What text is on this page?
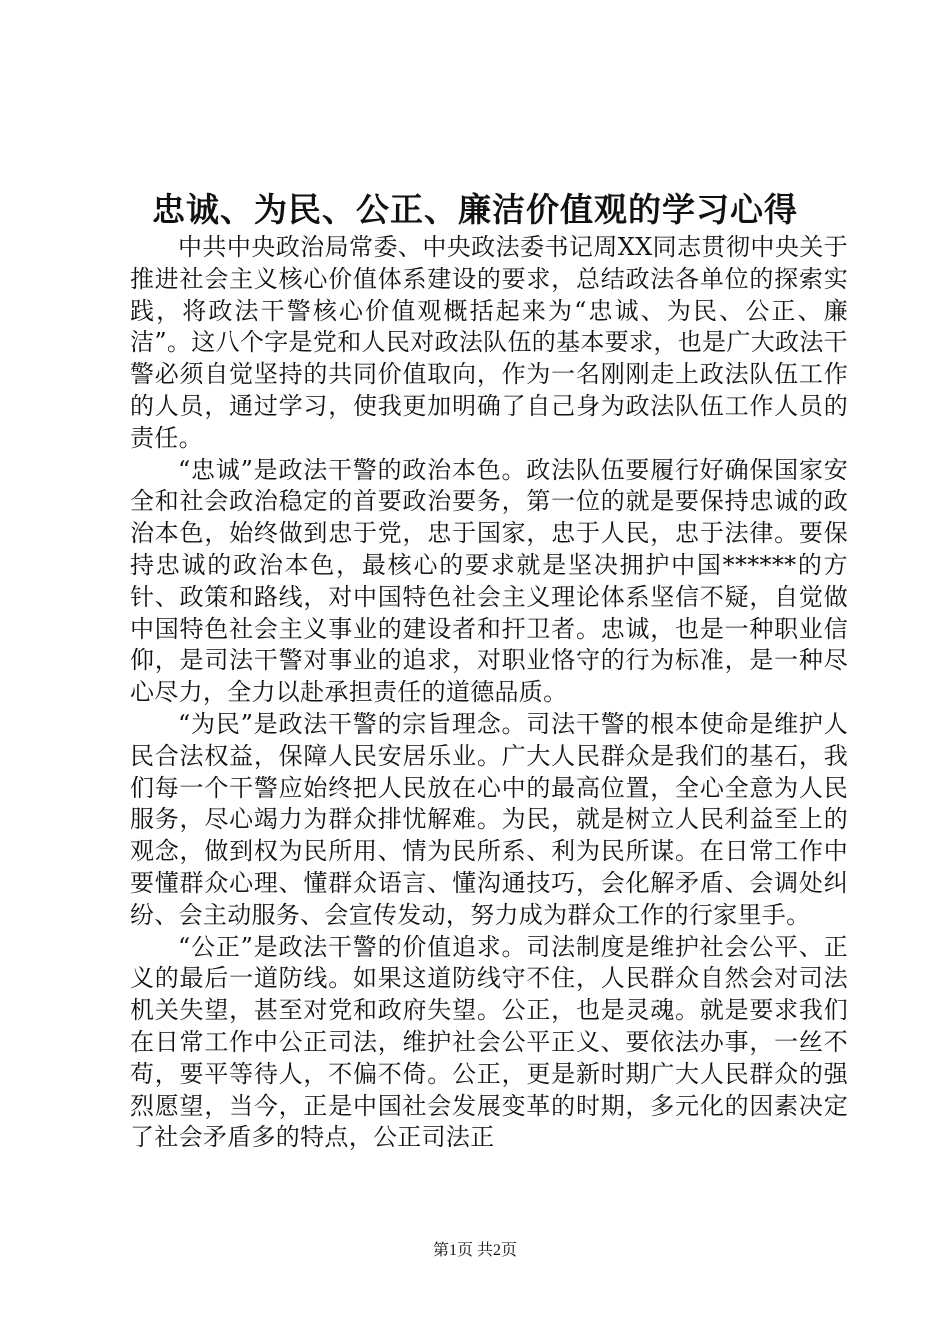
忠诚、为民、公正、廉洁价值观的学习心得

中共中央政治局常委、中央政法委书记周XX同志贯彻中央关于推进社会主义核心价值体系建设的要求，总结政法各单位的探索实践，将政法干警核心价值观概括起来为“忠诚、为民、公正、廉洁”。这八个字是党和人民对政法队伍的基本要求，也是广大政法干警必须自觉坚持的共同价值取向，作为一名刚刚走上政法队伍工作的人员，通过学习，使我更加明确了自己身为政法队伍工作人员的责任。

“忠诚”是政法干警的政治本色。政法队伍要履行好确保国家安全和社会政治稳定的首要政治要务，第一位的就是要保持忠诚的政治本色，始终做到忠于党，忠于国家，忠于人民，忠于法律。要保持忠诚的政治本色，最核心的要求就是坚决拥护中国******的方针、政策和路线，对中国特色社会主义理论体系坚信不疑，自觉做中国特色社会主义事业的建设者和扞卫者。忠诚，也是一种职业信仰，是司法干警对事业的追求，对职业恪守的行为标准，是一种尽心尽力，全力以赴承担责任的道德品质。

“为民”是政法干警的宗旨理念。司法干警的根本使命是维护人民合法权益，保障人民安居乐业。广大人民群众是我们的基石，我们每一个干警应始终把人民放在心中的最高位置，全心全意为人民服务，尽心竭力为群众排忧解难。为民，就是树立人民利益至上的观念，做到权为民所用、情为民所系、利为民所谋。在日常工作中要懂群众心理、懂群众语言、懂沟通技巧，会化解矛盾、会调处纠纷、会主动服务、会宣传发动，努力成为群众工作的行家里手。

“公正”是政法干警的价值追求。司法制度是维护社会公平、正义的最后一道防线。如果这道防线守不住，人民群众自然会对司法机关失望，甚至对党和政府失望。公正，也是灵魂。就是要求我们在日常工作中公正司法，维护社会公平正义、要依法办事，一丝不苟，要平等待人，不偏不倚。公正，更是新时期广大人民群众的强烈愿望，当今，正是中国社会发展变革的时期，多元化的因素决定了社会矛盾多的特点，公正司法正

第1页 共2页
